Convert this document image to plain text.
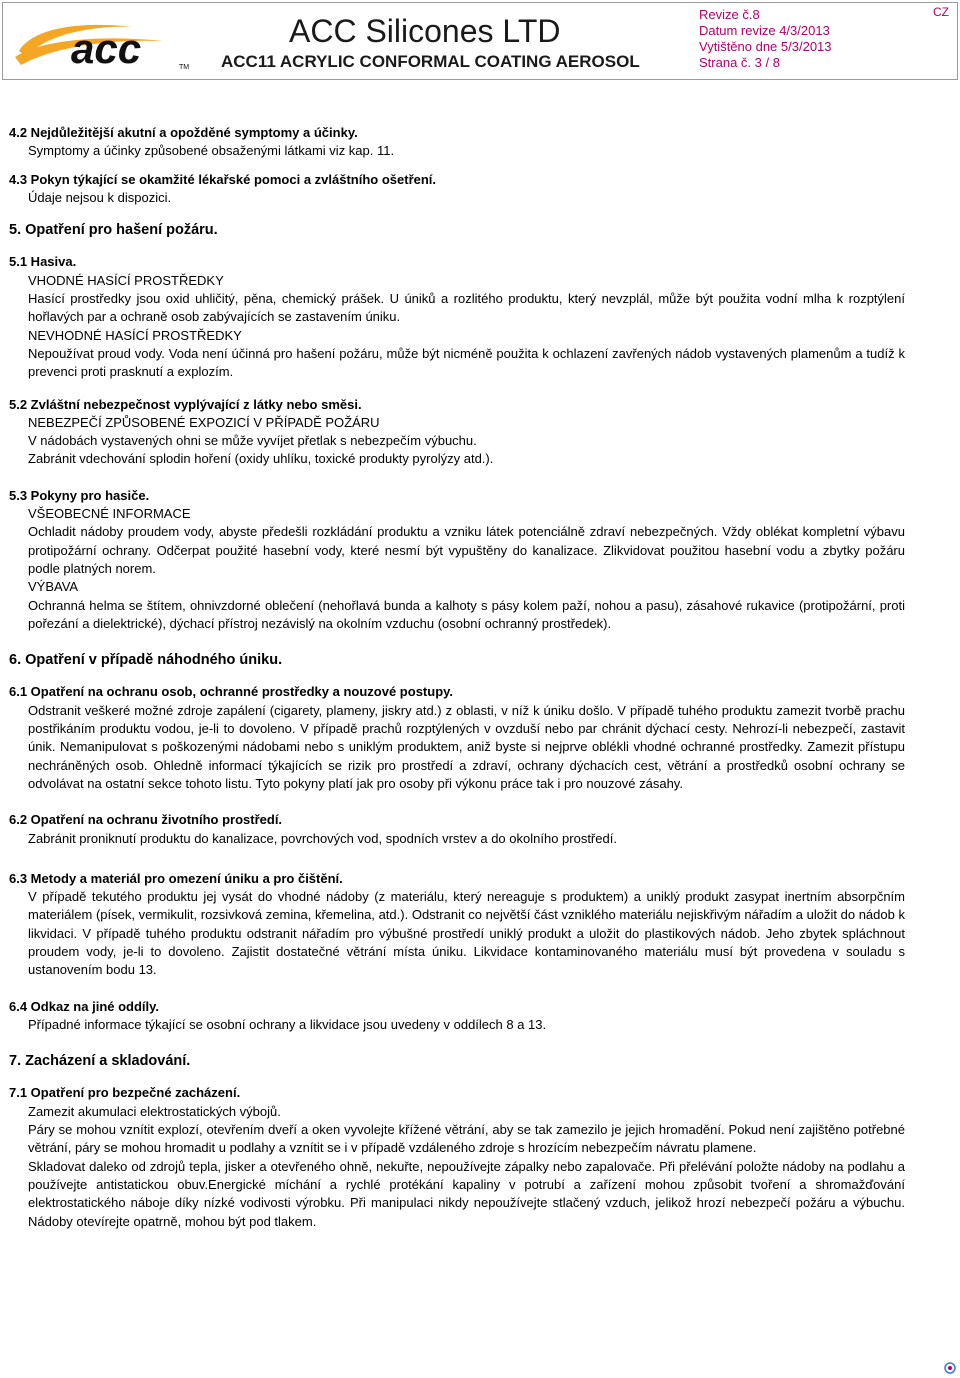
acc	TM
ACC Silicones LTD
ACC11 ACRYLIC CONFORMAL COATING AEROSOL
Revize č.8
Datum revize 4/3/2013
Vytištěno dne 5/3/2013
Strana č. 3 / 8
CZ

4.2 Nejdůležitější akutní a opožděné symptomy a účinky.

Symptomy a účinky způsobené obsaženými látkami viz kap. 11.

4.3 Pokyn týkající se okamžité lékařské pomoci a zvláštního ošetření.

Údaje nejsou k dispozici.

5. Opatření pro hašení požáru.

5.1 Hasiva.

VHODNÉ HASÍCÍ PROSTŘEDKY

Hasící prostředky jsou oxid uhličitý, pěna, chemický prášek. U úniků a rozlitého produktu, který nevzplál, může být použita vodní mlha k rozptýlení hořlavých par a ochraně osob zabývajících se zastavením úniku.

NEVHODNÉ HASÍCÍ PROSTŘEDKY

Nepoužívat proud vody. Voda není účinná pro hašení požáru, může být nicméně použita k ochlazení zavřených nádob vystavených plamenům a tudíž k prevenci proti prasknutí a explozím.

5.2 Zvláštní nebezpečnost vyplývající z látky nebo směsi.

NEBEZPEČÍ ZPŮSOBENÉ EXPOZICÍ V PŘÍPADĚ POŽÁRU

V nádobách vystavených ohni se může vyvíjet přetlak s nebezpečím výbuchu.

Zabránit vdechování splodin hoření (oxidy uhlíku, toxické produkty pyrolýzy atd.).

5.3 Pokyny pro hasiče.

VŠEOBECNÉ INFORMACE

Ochladit nádoby proudem vody, abyste předešli rozkládání produktu a vzniku látek potenciálně zdraví nebezpečných. Vždy oblékat kompletní výbavu protipožární ochrany. Odčerpat použité hasební vody, které nesmí být vypuštěny do kanalizace. Zlikvidovat použitou hasební vodu a zbytky požáru podle platných norem.

VÝBAVA

Ochranná helma se štítem, ohnivzdorné oblečení (nehořlavá bunda a kalhoty s pásy kolem paží, nohou a pasu), zásahové rukavice (protipožární, proti pořezání a dielektrické), dýchací přístroj nezávislý na okolním vzduchu (osobní ochranný prostředek).

6. Opatření v případě náhodného úniku.

6.1 Opatření na ochranu osob, ochranné prostředky a nouzové postupy.

Odstranit veškeré možné zdroje zapálení (cigarety, plameny, jiskry atd.) z oblasti, v níž k úniku došlo. V případě tuhého produktu zamezit tvorbě prachu postřikáním produktu vodou, je-li to dovoleno. V případě prachů rozptýlených v ovzduší nebo par chránit dýchací cesty. Nehrozí-li nebezpečí, zastavit únik. Nemanipulovat s poškozenými nádobami nebo s uniklým produktem, aniž byste si nejprve oblékli vhodné ochranné prostředky. Zamezit přístupu nechráněných osob. Ohledně informací týkajících se rizik pro prostředí a zdraví, ochrany dýchacích cest, větrání a prostředků osobní ochrany se odvolávat na ostatní sekce tohoto listu. Tyto pokyny platí jak pro osoby při výkonu práce tak i pro nouzové zásahy.

6.2 Opatření na ochranu životního prostředí.

Zabránit proniknutí produktu do kanalizace, povrchových vod, spodních vrstev a do okolního prostředí.

6.3 Metody a materiál pro omezení úniku a pro čištění.

V případě tekutého produktu jej vysát do vhodné nádoby (z materiálu, který nereaguje s produktem) a uniklý produkt zasypat inertním absorpčním materiálem (písek, vermikulit, rozsivková zemina, křemelina, atd.). Odstranit co největší část vzniklého materiálu nejiskřivým nářadím a uložit do nádob k likvidaci. V případě tuhého produktu odstranit nářadím pro výbušné prostředí uniklý produkt a uložit do plastikových nádob. Jeho zbytek spláchnout proudem vody, je-li to dovoleno. Zajistit dostatečné větrání místa úniku. Likvidace kontaminovaného materiálu musí být provedena v souladu s ustanovením bodu 13.

6.4 Odkaz na jiné oddíly.

Případné informace týkající se osobní ochrany a likvidace jsou uvedeny v oddílech 8 a 13.

7. Zacházení a skladování.

7.1 Opatření pro bezpečné zacházení.

Zamezit akumulaci elektrostatických výbojů.

Páry se mohou vznítit explozí, otevřením dveří a oken vyvolejte křížené větrání, aby se tak zamezilo je jejich hromadění. Pokud není zajištěno potřebné větrání, páry se mohou hromadit u podlahy a vznítit se i v případě vzdáleného zdroje s hrozícím nebezpečím návratu plamene.

Skladovat daleko od zdrojů tepla, jisker a otevřeného ohně, nekuřte, nepoužívejte zápalky nebo zapalovače. Při přelévání položte nádoby na podlahu a používejte antistatickou obuv.Energické míchání a rychlé protékání kapaliny v potrubí a zařízení mohou způsobit tvoření a shromažďování elektrostatického náboje díky nízké vodivosti výrobku. Při manipulaci nikdy nepoužívejte stlačený vzduch, jelikož hrozí nebezpečí požáru a výbuchu. Nádoby otevírejte opatrně, mohou být pod tlakem.
